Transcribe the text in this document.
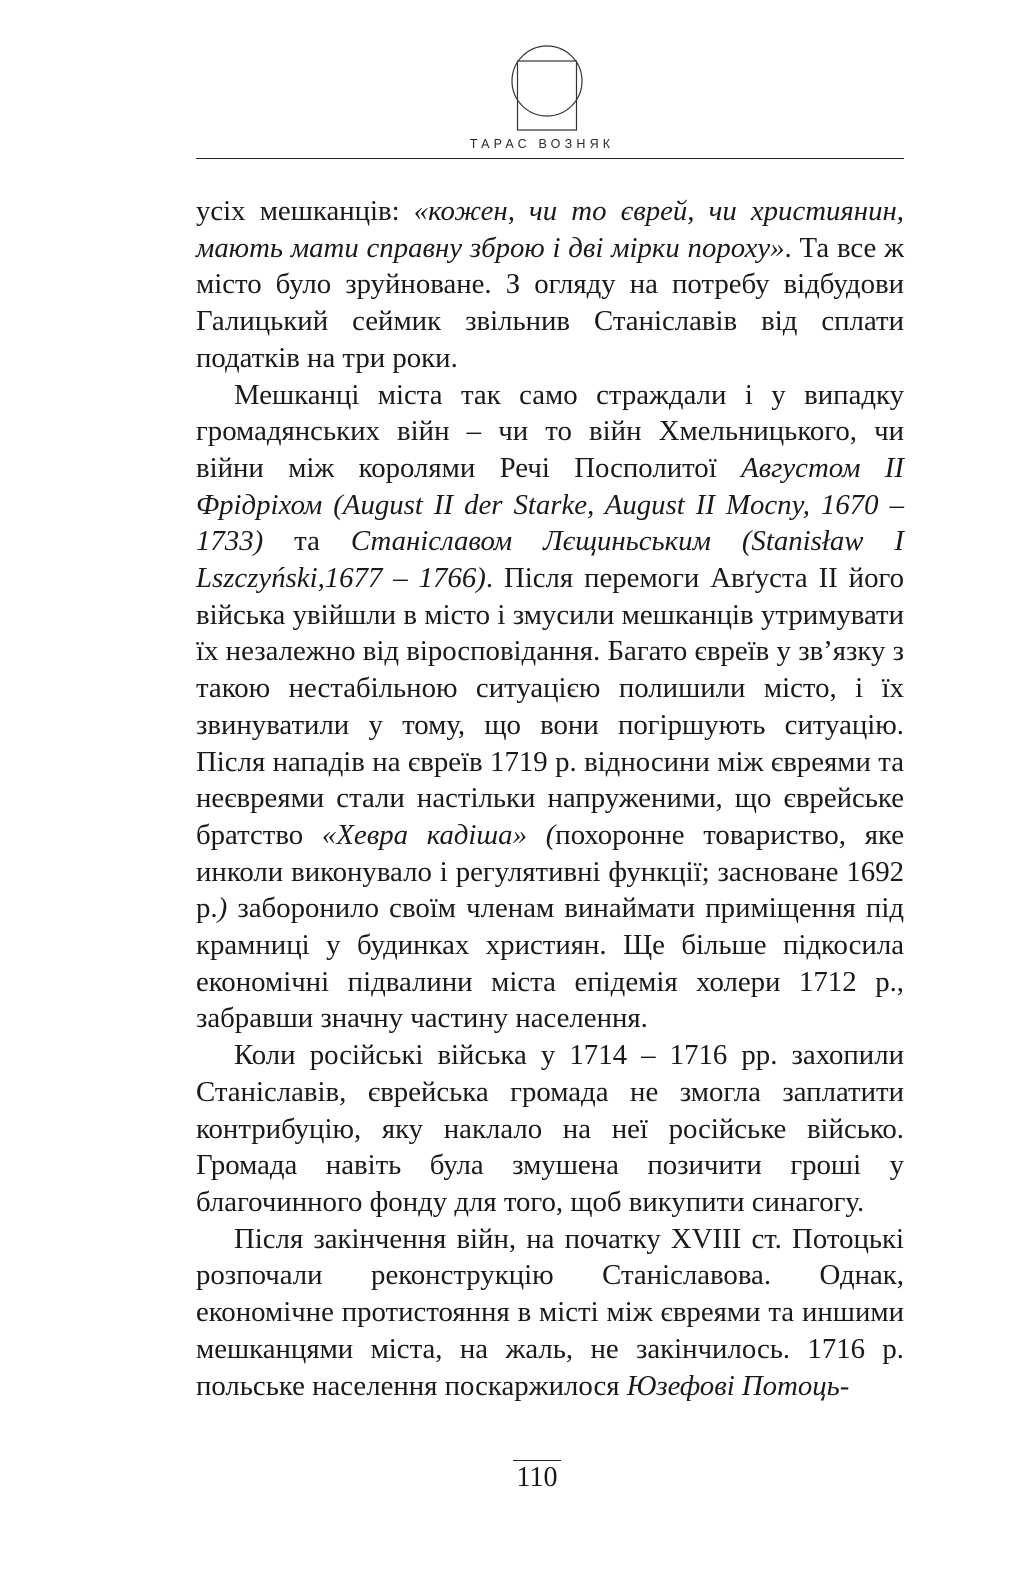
ТАРАС ВОЗНЯК

усіх мешканців: «кожен, чи то єврей, чи християнин, мають мати справну зброю і дві мірки пороху». Та все ж місто було зруйноване. З огляду на потребу відбудови Галицький сеймик звільнив Станіславів від сплати податків на три роки.

Мешканці міста так само страждали і у випадку громадянських війн – чи то війн Хмельницького, чи війни між королями Речі Посполитої Августом II Фрідріхом (August II der Starke, August II Mocny, 1670 – 1733) та Станіславом Лєщиньським (Stanisław I Lszczyński,1677 – 1766). Після перемоги Авґуста II його війська увійшли в місто і змусили мешканців утримувати їх незалежно від віросповідання. Багато євреїв у зв’язку з такою нестабільною ситуацією полишили місто, і їх звинуватили у тому, що вони погіршують ситуацію. Після нападів на євреїв 1719 р. відносини між євреями та неєвреями стали настільки напруженими, що єврейське братство «Хевра кадіша» (похоронне товариство, яке инколи виконувало і регулятивні функції; засноване 1692 р.) заборонило своїм членам винаймати приміщення під крамниці у будинках християн. Ще більше підкосила економічні підвалини міста епідемія холери 1712 р., забравши значну частину населення.

Коли російські війська у 1714 – 1716 рр. захопили Станіславів, єврейська громада не змогла заплатити контрибуцію, яку наклало на неї російське військо. Громада навіть була змушена позичити гроші у благочинного фонду для того, щоб викупити синагогу.

Після закінчення війн, на початку XVIII ст. Потоцькі розпочали реконструкцію Станіславова. Однак, економічне протистояння в місті між євреями та иншими мешканцями міста, на жаль, не закінчилось. 1716 р. польське населення поскаржилося Юзефові Потоць-

110
